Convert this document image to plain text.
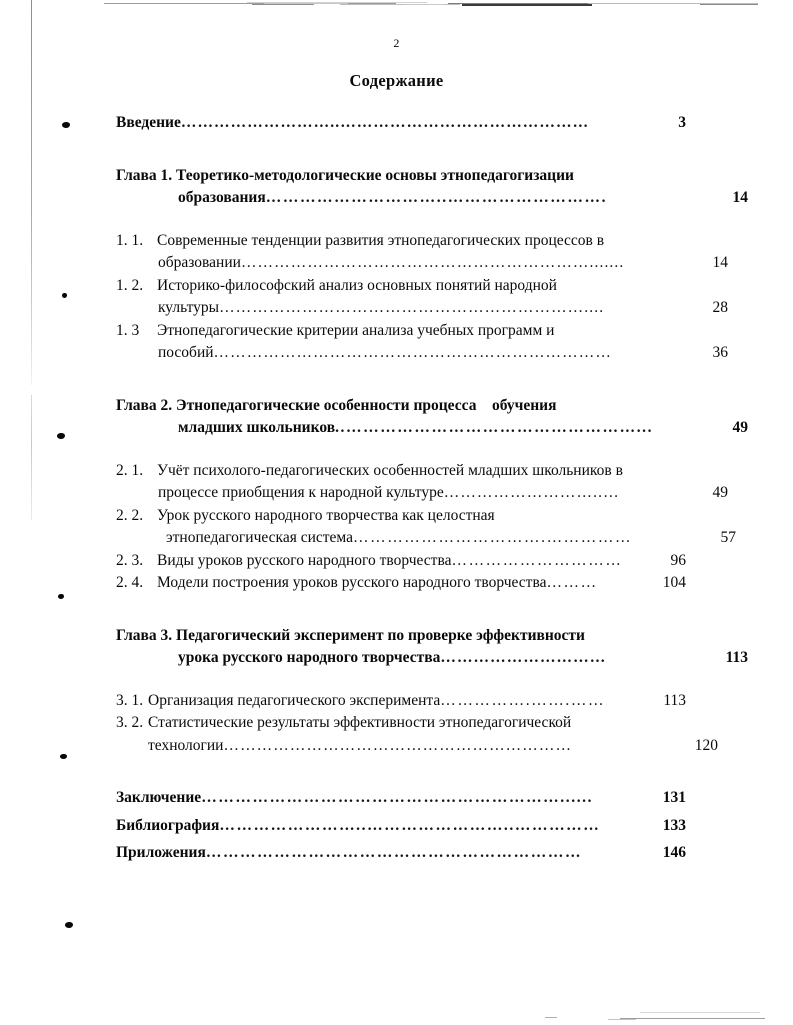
2
Содержание
Введение ………………………..………………………………………	3
Глава 1. Теоретико-методологические основы этнопедагогизации
образования …………………………..……………………….	14
1. 1. Современные тенденции развития этнопедагогических процессов в
образовании ……………………………………………………….......	14
1. 2. Историко-философский анализ основных понятий народной
культуры …………………………………………………………....	28
1. 3	Этнопедагогические критерии анализа учебных программ и
пособий ………………………………………………………………	36
Глава 2. Этнопедагогические особенности процесса    обучения
младших школьников ..……………………………………………...	49
2. 1. Учёт психолого-педагогических особенностей младших школьников в
процессе приобщения к народной культуре ………………………..…	49
2. 2. Урок русского народного творчества как целостная
этнопедагогическая система …………………………….……………	57
2. 3. Виды уроков русского народного творчества …………………………	96
2. 4. Модели построения уроков русского народного творчества ………	104
Глава 3. Педагогический эксперимент по проверке эффективности
урока русского народного творчества …………………………	113
3. 1. Организация педагогического эксперимента …………….…….……	113
3. 2. Статистические результаты эффективности этнопедагогической
технологии ………………………………………………………	120
Заключение ………………………………………………………......	131
Библиография ……………………..……………………..……………	133
Приложения …………………………………………………………	146
